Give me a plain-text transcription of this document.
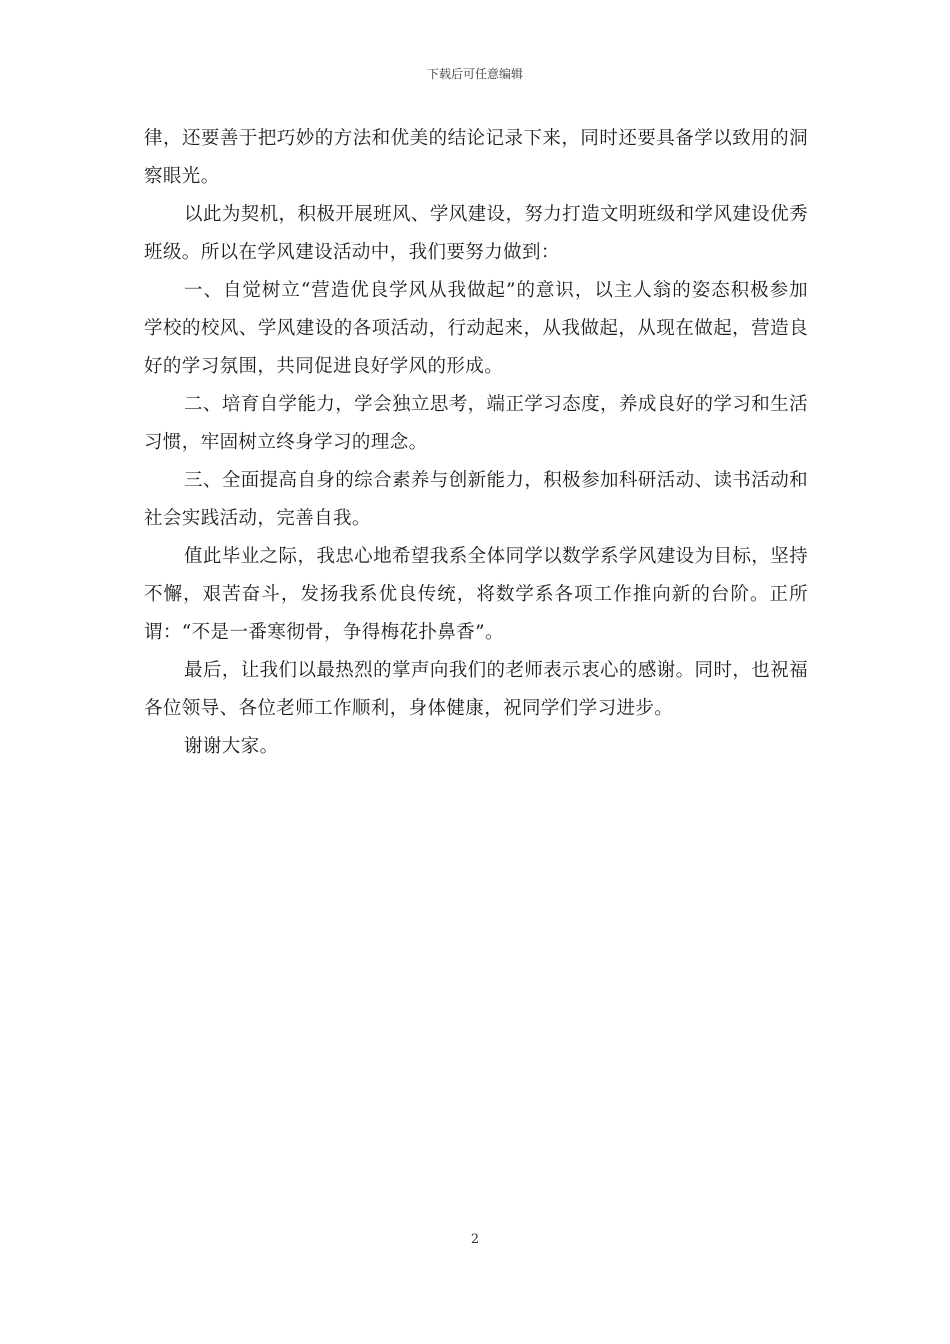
下载后可任意编辑

律，还要善于把巧妙的方法和优美的结论记录下来，同时还要具备学以致用的洞察眼光。

以此为契机，积极开展班风、学风建设，努力打造文明班级和学风建设优秀班级。所以在学风建设活动中，我们要努力做到：

一、自觉树立“营造优良学风从我做起”的意识，以主人翁的姿态积极参加学校的校风、学风建设的各项活动，行动起来，从我做起，从现在做起，营造良好的学习氛围，共同促进良好学风的形成。

二、培育自学能力，学会独立思考，端正学习态度，养成良好的学习和生活习惯，牢固树立终身学习的理念。

三、全面提高自身的综合素养与创新能力，积极参加科研活动、读书活动和社会实践活动，完善自我。

值此毕业之际，我忠心地希望我系全体同学以数学系学风建设为目标，坚持不懈，艰苦奋斗，发扬我系优良传统，将数学系各项工作推向新的台阶。正所谓：“不是一番寒彻骨，争得梅花扑鼻香”。

最后，让我们以最热烈的掌声向我们的老师表示衷心的感谢。同时，也祝福各位领导、各位老师工作顺利，身体健康，祝同学们学习进步。

谢谢大家。

2
